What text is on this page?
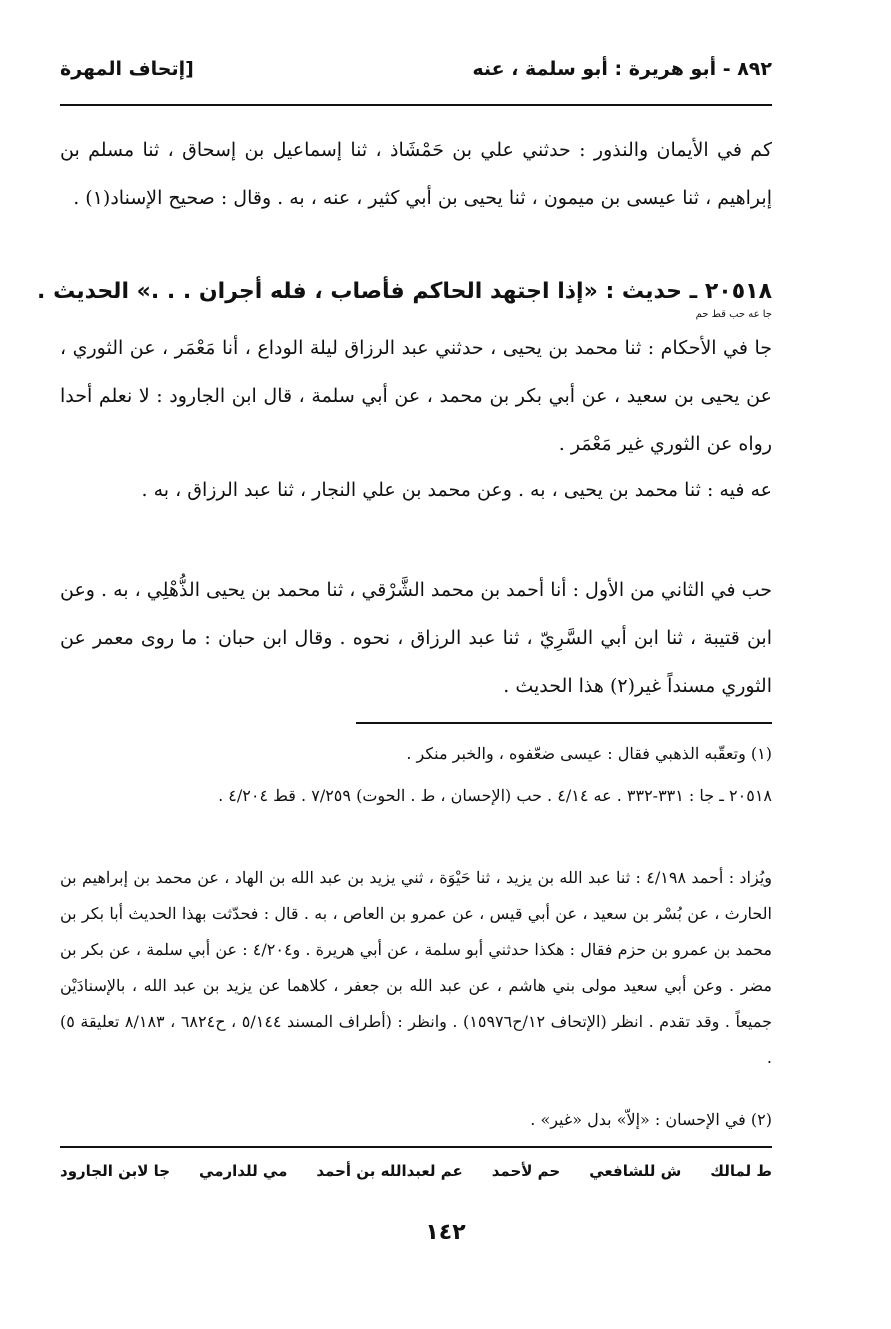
٨٩٢ - أبو هريرة : أبو سلمة ، عنه
[إتحاف المهرة

كم في الأيمان والنذور : حدثني علي بن حَمْشَاذ ، ثنا إسماعيل بن إسحاق ، ثنا مسلم بن إبراهيم ، ثنا عيسى بن ميمون ، ثنا يحيى بن أبي كثير ، عنه ، به . وقال : صحيح الإسناد(١) .

٢٠٥١٨ ـ حديث : «إذا اجتهد الحاكم فأصاب ، فله أجران . . .» الحديث .
جا عه حب قط حم

جا في الأحكام : ثنا محمد بن يحيى ، حدثني عبد الرزاق ليلة الوداع ، أنا مَعْمَر ، عن الثوري ، عن يحيى بن سعيد ، عن أبي بكر بن محمد ، عن أبي سلمة ، قال ابن الجارود : لا نعلم أحدا رواه عن الثوري غير مَعْمَر .

عه فيه : ثنا محمد بن يحيى ، به . وعن محمد بن علي النجار ، ثنا عبد الرزاق ، به .

حب في الثاني من الأول : أنا أحمد بن محمد الشَّرْقي ، ثنا محمد بن يحيى الذُّهْلِي ، به . وعن ابن قتيبة ، ثنا ابن أبي السَّرِيّ ، ثنا عبد الرزاق ، نحوه . وقال ابن حبان : ما روى معمر عن الثوري مسنداً غير(٢) هذا الحديث .

(١) وتعقّبه الذهبي فقال : عيسى ضعّفوه ، والخبر منكر .

٢٠٥١٨ ـ جا : ٣٣١-٣٣٢ . عه ٤/١٤ . حب (الإحسان ، ط . الحوت) ٧/٢٥٩ . قط ٤/٢٠٤ .

ويُزاد : أحمد ٤/١٩٨ : ثنا عبد الله بن يزيد ، ثنا حَيْوَة ، ثني يزيد بن عبد الله بن الهاد ، عن محمد بن إبراهيم بن الحارث ، عن بُسْر بن سعيد ، عن أبي قيس ، عن عمرو بن العاص ، به . قال : فحدّثت بهذا الحديث أبا بكر بن محمد بن عمرو بن حزم فقال : هكذا حدثني أبو سلمة ، عن أبي هريرة . و٤/٢٠٤ : عن أبي سلمة ، عن بكر بن مضر . وعن أبي سعيد مولى بني هاشم ، عن عبد الله بن جعفر ، كلاهما عن يزيد بن عبد الله ، بالإسنادَيْن جميعاً . وقد تقدم . انظر (الإتحاف ١٢/ح١٥٩٧٦) . وانظر : (أطراف المسند ٥/١٤٤ ، ح٦٨٢٤ ، ٨/١٨٣ تعليقة ٥) .

(٢) في الإحسان : «إلاّ» بدل «غير» .

ط لمالك
ش للشافعي
حم لأحمد
عم لعبدالله بن أحمد
مي للدارمي
جا لابن الجارود
١٤٢
